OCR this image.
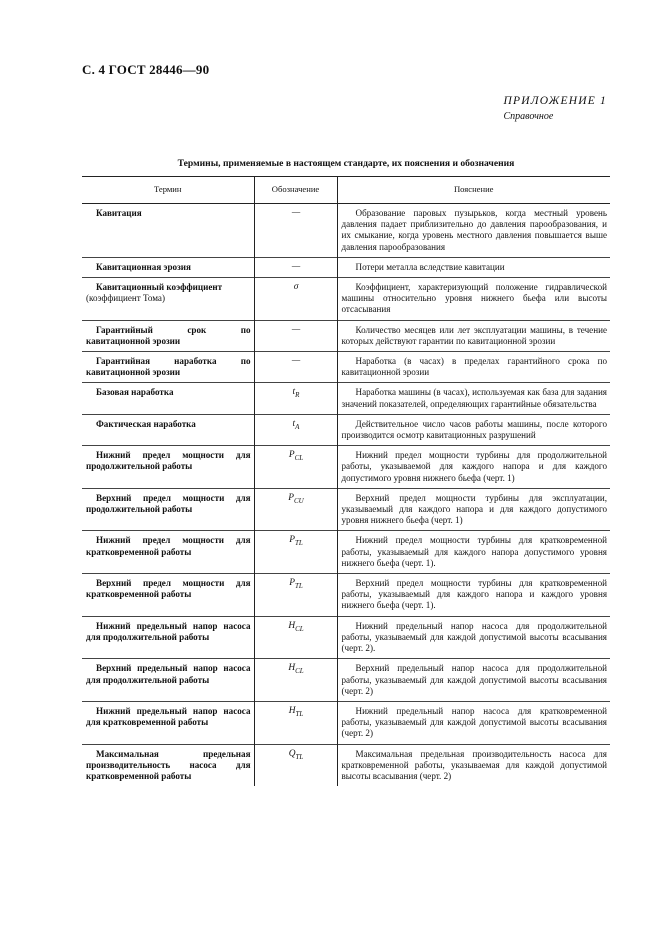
С. 4 ГОСТ 28446—90
ПРИЛОЖЕНИЕ 1
Справочное
Термины, применяемые в настоящем стандарте, их пояснения и обозначения
Термин	Обозначение	Пояснение
Кавитация	—	Образование паровых пузырьков, когда местный уровень давления падает приблизительно до давления парообразования, и их смыкание, когда уровень местного давления повышается выше давления парообразования
Кавитационная эрозия	—	Потери металла вследствие кавитации
Кавитационный коэффициент
(коэффициент Тома)	σ	Коэффициент, характеризующий положение гидравлической машины относительно уровня нижнего бьефа или высоты отсасывания
Гарантийный срок по кавитационной эрозии	—	Количество месяцев или лет эксплуатации машины, в течение которых действуют гарантии по кавитационной эрозии
Гарантийная наработка по кавитационной эрозии	—	Наработка (в часах) в пределах гарантийного срока по кавитационной эрозии
Базовая наработка	$t_R$	Наработка машины (в часах), используемая как база для задания значений показателей, определяющих гарантийные обязательства
Фактическая наработка	$t_A$	Действительное число часов работы машины, после которого производится осмотр кавитационных разрушений
Нижний предел мощности для продолжительной работы	$P_{CL}$	Нижний предел мощности турбины для продолжительной работы, указываемой для каждого напора и для каждого допустимого уровня нижнего бьефа (черт. 1)
Верхний предел мощности для продолжительной работы	$P_{CU}$	Верхний предел мощности турбины для эксплуатации, указываемый для каждого напора и для каждого допустимого уровня нижнего бьефа (черт. 1)
Нижний предел мощности для кратковременной работы	$P_{TL}$	Нижний предел мощности турбины для кратковременной работы, указываемый для каждого напора допустимого уровня нижнего бьефа (черт. 1).
Верхний предел мощности для кратковременной работы	$P_{TL}$	Верхний предел мощности турбины для кратковременной работы, указываемый для каждого напора и каждого уровня нижнего бьефа (черт. 1).
Нижний предельный напор насоса для продолжительной работы	$H_{CL}$	Нижний предельный напор насоса для продолжительной работы, указываемый для каждой допустимой высоты всасывания (черт. 2).
Верхний предельный напор насоса для продолжительной работы	$H_{CL}$	Верхний предельный напор насоса для продолжительной работы, указываемый для каждой допустимой высоты всасывания (черт. 2)
Нижний предельный напор насоса для кратковременной работы	$H_{TL}$	Нижний предельный напор насоса для кратковременной работы, указываемый для каждой допустимой высоты всасывания (черт. 2)
Максимальная предельная производительность насоса для кратковременной работы	$Q_{TL}$	Максимальная предельная производительность насоса для кратковременной работы, указываемая для каждой допустимой высоты всасывания (черт. 2)
